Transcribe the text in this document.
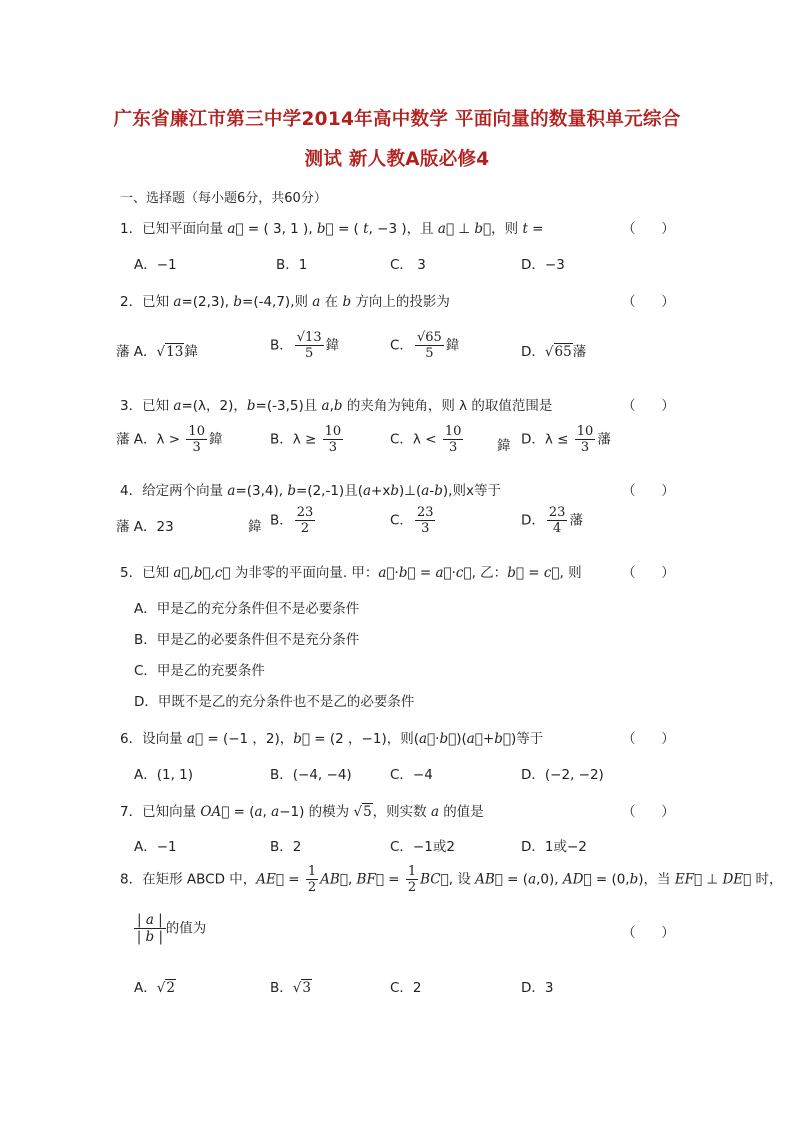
广东省廉江市第三中学2014年高中数学 平面向量的数量积单元综合
测试 新人教A版必修4
一、选择题（每小题6分，共60分）
1．已知平面向量 a⃗ = ( 3, 1 ), b⃗ = ( t, −3 )，且 a⃗ ⊥ b⃗，则 t =	（      ）
A．−1	B．1	C． 3	D．−3
2．已知 a=(2,3), b=(-4,7),则 a 在 b 方向上的投影为	（      ）
藩 A．√13鍏	B． $\frac{√13}{5}$ 鍏	C． $\frac{√65}{5}$ 鍏	D．√65藩
3．已知 a=(λ，2)，b=(-3,5)且 a,b 的夹角为钝角，则 λ 的取值范围是	（      ）
藩 A．$\lambda > \frac{10}{3}$ 鍏	B．$\lambda \ge \frac{10}{3}$	C．$\lambda < \frac{10}{3}$ 鍏 D．$\lambda \le \frac{10}{3}$ 藩
4．给定两个向量 a=(3,4), b=(2,-1)且(a+xb)⊥(a-b),则x等于	（      ）
藩 A．23	鍏 B． $\frac{23}{2}$	C． $\frac{23}{3}$	D． $\frac{23}{4}$ 藩
5．已知 a⃗,b⃗,c⃗ 为非零的平面向量. 甲：a⃗·b⃗ = a⃗·c⃗, 乙：b⃗ = c⃗, 则	（      ）
A．甲是乙的充分条件但不是必要条件
B．甲是乙的必要条件但不是充分条件
C．甲是乙的充要条件
D．甲既不是乙的充分条件也不是乙的必要条件
6．设向量 a⃗ = (−1 ，2)，b⃗ = (2 ，−1)，则(a⃗·b⃗)(a⃗+b⃗)等于	（      ）
A．(1, 1)	B．(−4, −4)	C．−4	D．(−2, −2)
7．已知向量 OA⃗ = (a, a−1) 的模为 √5，则实数 a 的值是	（      ）
A．−1	B．2	C．−1或2	D．1或−2
8．在矩形 ABCD 中，AE⃗ = $\frac{1}{2}$ AB⃗, BF⃗ = $\frac{1}{2}$ BC⃗, 设 AB⃗ = (a,0), AD⃗ = (0,b)，当 EF⃗ ⊥ DE⃗ 时，
$\frac{| a |}{| b |}$ 的值为	（      ）
A．√2	B．√3	C．2	D．3
